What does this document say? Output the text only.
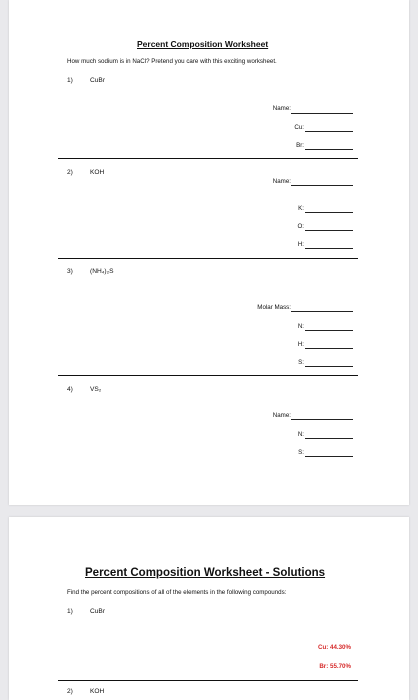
Percent Composition Worksheet
How much sodium is in NaCl? Pretend you care with this exciting worksheet.
1)	CuBr
Name:
Cu:
Br:
2)	KOH
Name:
K:
O:
H:
3)	(NH₄)₂S
Molar Mass:
N:
H:
S:
4)	VS₂
Name:
N:
S:
Percent Composition Worksheet - Solutions
Find the percent compositions of all of the elements in the following compounds:
1)	CuBr
Cu: 44.30%
Br: 55.70%
2)	KOH
